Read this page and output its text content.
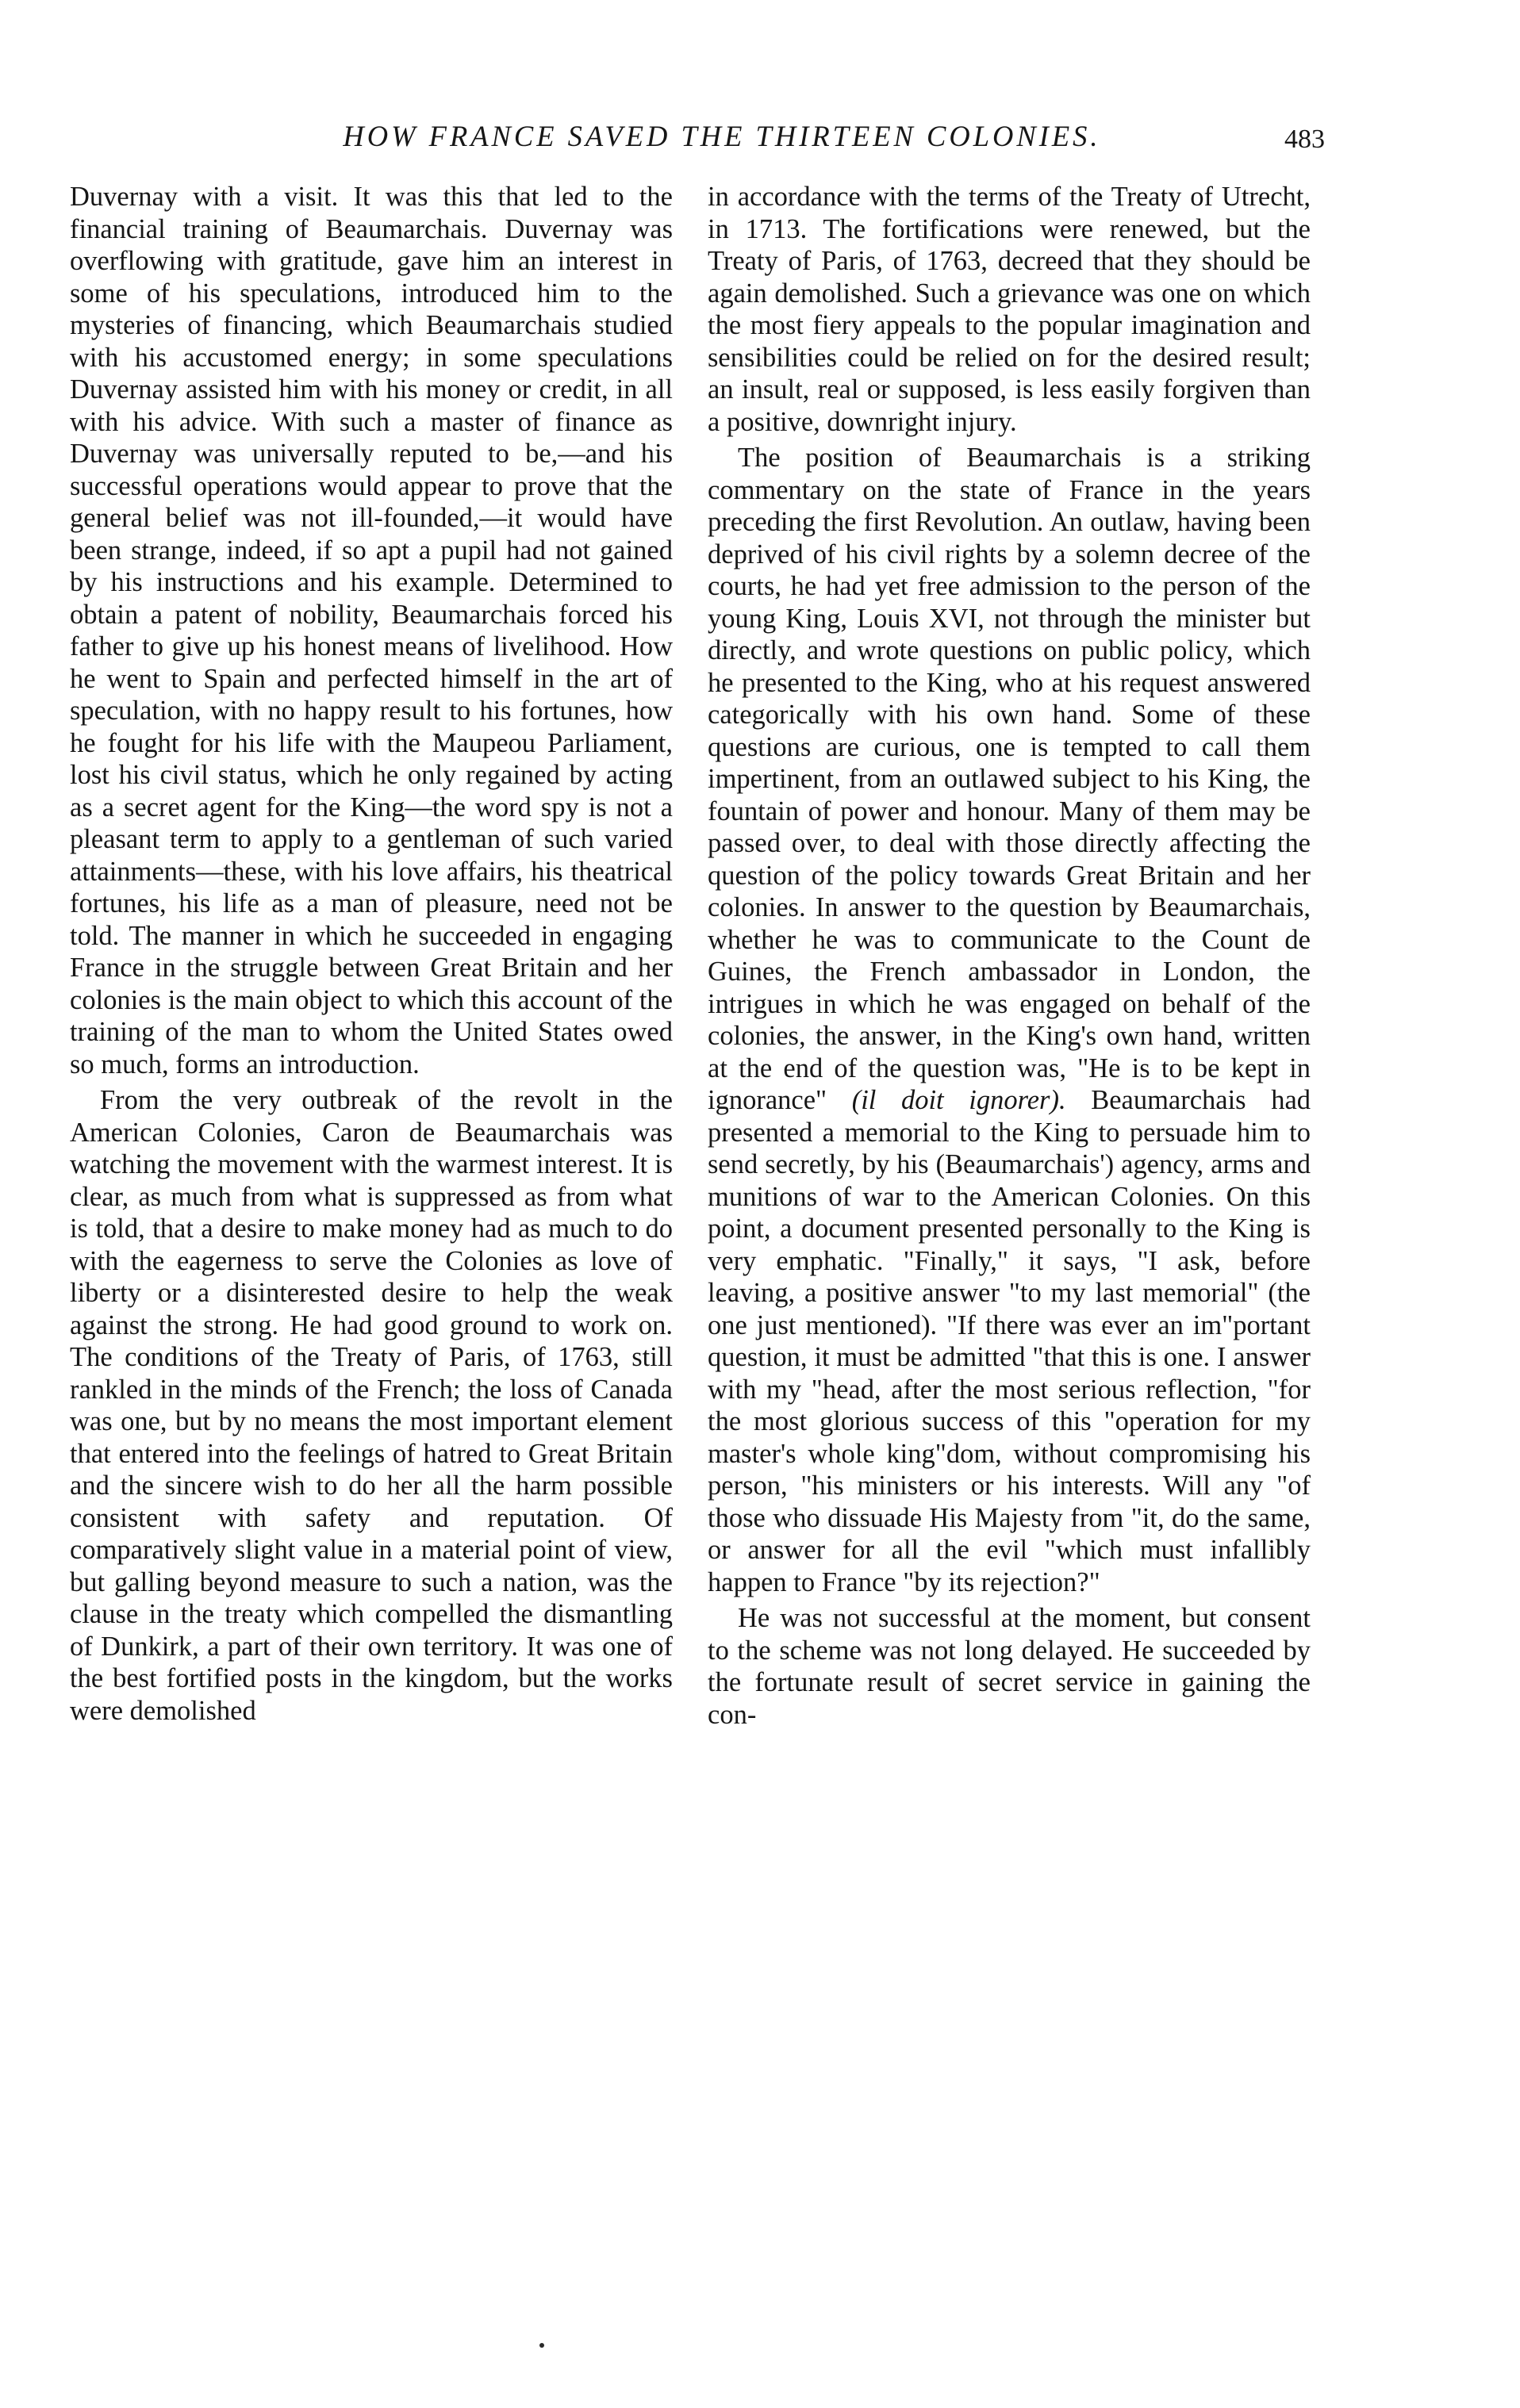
HOW FRANCE SAVED THE THIRTEEN COLONIES.	483

Duvernay with a visit. It was this that led to the financial training of Beaumarchais. Duvernay was overflowing with gratitude, gave him an interest in some of his speculations, introduced him to the mysteries of financing, which Beaumarchais studied with his accustomed energy; in some speculations Duvernay assisted him with his money or credit, in all with his advice. With such a master of finance as Duvernay was universally reputed to be,—and his successful operations would appear to prove that the general belief was not ill-founded,—it would have been strange, indeed, if so apt a pupil had not gained by his instructions and his example. Determined to obtain a patent of nobility, Beaumarchais forced his father to give up his honest means of livelihood. How he went to Spain and perfected himself in the art of speculation, with no happy result to his fortunes, how he fought for his life with the Maupeou Parliament, lost his civil status, which he only regained by acting as a secret agent for the King—the word spy is not a pleasant term to apply to a gentleman of such varied attainments—these, with his love affairs, his theatrical fortunes, his life as a man of pleasure, need not be told. The manner in which he succeeded in engaging France in the struggle between Great Britain and her colonies is the main object to which this account of the training of the man to whom the United States owed so much, forms an introduction.

From the very outbreak of the revolt in the American Colonies, Caron de Beaumarchais was watching the movement with the warmest interest. It is clear, as much from what is suppressed as from what is told, that a desire to make money had as much to do with the eagerness to serve the Colonies as love of liberty or a disinterested desire to help the weak against the strong. He had good ground to work on. The conditions of the Treaty of Paris, of 1763, still rankled in the minds of the French; the loss of Canada was one, but by no means the most important element that entered into the feelings of hatred to Great Britain and the sincere wish to do her all the harm possible consistent with safety and reputation. Of comparatively slight value in a material point of view, but galling beyond measure to such a nation, was the clause in the treaty which compelled the dismantling of Dunkirk, a part of their own territory. It was one of the best fortified posts in the kingdom, but the works were demolished

in accordance with the terms of the Treaty of Utrecht, in 1713. The fortifications were renewed, but the Treaty of Paris, of 1763, decreed that they should be again demolished. Such a grievance was one on which the most fiery appeals to the popular imagination and sensibilities could be relied on for the desired result; an insult, real or supposed, is less easily forgiven than a positive, downright injury.

The position of Beaumarchais is a striking commentary on the state of France in the years preceding the first Revolution. An outlaw, having been deprived of his civil rights by a solemn decree of the courts, he had yet free admission to the person of the young King, Louis XVI, not through the minister but directly, and wrote questions on public policy, which he presented to the King, who at his request answered categorically with his own hand. Some of these questions are curious, one is tempted to call them impertinent, from an outlawed subject to his King, the fountain of power and honour. Many of them may be passed over, to deal with those directly affecting the question of the policy towards Great Britain and her colonies. In answer to the question by Beaumarchais, whether he was to communicate to the Count de Guines, the French ambassador in London, the intrigues in which he was engaged on behalf of the colonies, the answer, in the King's own hand, written at the end of the question was, "He is to be kept in ignorance" (il doit ignorer). Beaumarchais had presented a memorial to the King to persuade him to send secretly, by his (Beaumarchais') agency, arms and munitions of war to the American Colonies. On this point, a document presented personally to the King is very emphatic. "Finally," it says, "I ask, before leaving, a positive answer "to my last memorial" (the one just mentioned). "If there was ever an im"portant question, it must be admitted "that this is one. I answer with my "head, after the most serious reflection, "for the most glorious success of this "operation for my master's whole king"dom, without compromising his person, "his ministers or his interests. Will any "of those who dissuade His Majesty from "it, do the same, or answer for all the evil "which must infallibly happen to France "by its rejection?"

He was not successful at the moment, but consent to the scheme was not long delayed. He succeeded by the fortunate result of secret service in gaining the con-
